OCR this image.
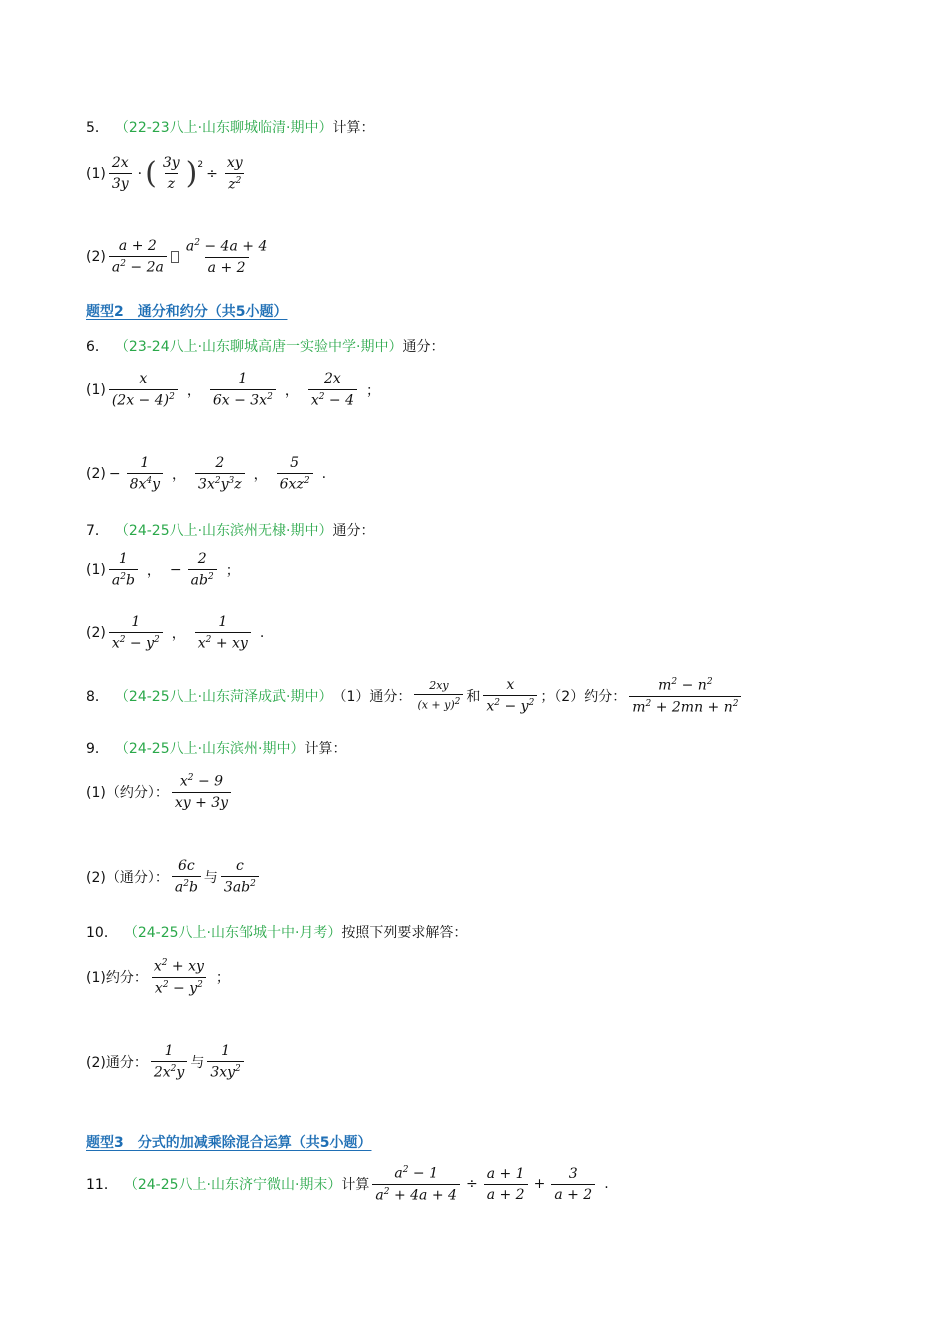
5． （22-23八上·山东聊城临清·期中） 计算：
$(1) \frac{2x}{3y}$ · ( $\frac{3y}{z}$ ) 2
÷ $\frac{xy}{z^2}$
$(2) \frac{a + 2}{a^2 - 2a} \frac{a^2 - 4a + 4}{a + 2}$
题型2　通分和约分（共5小题）
6． （23-24八上·山东聊城高唐一实验中学·期中） 通分：
$(1) \frac{x}{(2x - 4)^2}$ ， $\frac{1}{6x - 3x^2}$ ， $\frac{2x}{x^2 - 4}$ ；
$(2) - \frac{1}{8x^4y}$ ， $\frac{2}{3x^2y^3z}$ ， $\frac{5}{6xz^2}$ .
7． （24-25八上·山东滨州无棣·期中） 通分：
$(1) \frac{1}{a^2b}$ ， − $\frac{2}{ab^2}$ ；
$(2) \frac{1}{x^2 - y^2}$ ， $\frac{1}{x^2 + xy}$ .
8． （24-25八上·山东菏泽成武·期中） （1）通分： $\frac{2xy}{(x + y)^2}$ 和 $\frac{x}{x^2 - y^2}$ ；（2）约分： $\frac{m^2 - n^2}{m^2 + 2mn + n^2}$
9． （24-25八上·山东滨州·期中） 计算：
(1)（约分）： $\frac{x^2 - 9}{xy + 3y}$
(2)（通分）： $\frac{6c}{a^2b}$ 与 $\frac{c}{3ab^2}$
10． （24-25八上·山东邹城十中·月考） 按照下列要求解答：
(1)约分： $\frac{x^2 + xy}{x^2 - y^2}$ ；
(2)通分： $\frac{1}{2x^2y}$ 与 $\frac{1}{3xy^2}$
题型3　分式的加减乘除混合运算（共5小题）
11． （24-25八上·山东济宁微山·期末） 计算 $\frac{a^2 - 1}{a^2 + 4a + 4} \div \frac{a + 1}{a + 2} + \frac{3}{a + 2}$ .
